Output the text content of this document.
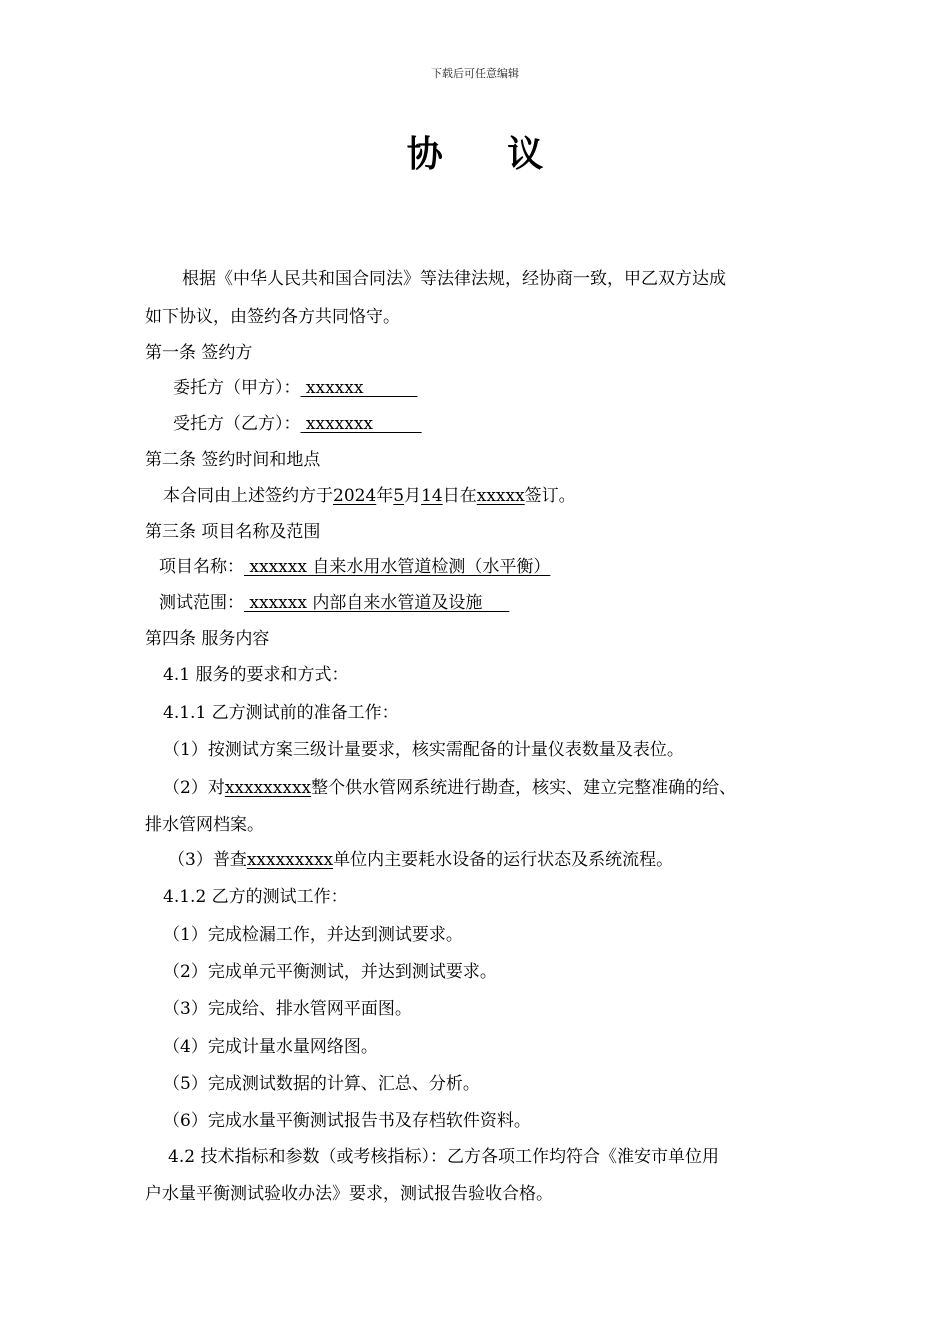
下载后可任意编辑
协 议
根据《中华人民共和国合同法》等法律法规，经协商一致，甲乙双方达成
如下协议，由签约各方共同恪守。
第一条 签约方
委托方（甲方）： xxxxxx
受托方（乙方）： xxxxxxx
第二条 签约时间和地点
本合同由上述签约方于2024年5月14日在xxxxx签订。
第三条 项目名称及范围
项目名称： xxxxxx 自来水用水管道检测（水平衡）
测试范围： xxxxxx 内部自来水管道及设施
第四条 服务内容
4.1 服务的要求和方式：
4.1.1 乙方测试前的准备工作：
（1）按测试方案三级计量要求，核实需配备的计量仪表数量及表位。
（2）对xxxxxxxxx整个供水管网系统进行勘查，核实、建立完整准确的给、
排水管网档案。
（3）普查xxxxxxxxx单位内主要耗水设备的运行状态及系统流程。
4.1.2 乙方的测试工作：
（1）完成检漏工作，并达到测试要求。
（2）完成单元平衡测试，并达到测试要求。
（3）完成给、排水管网平面图。
（4）完成计量水量网络图。
（5）完成测试数据的计算、汇总、分析。
（6）完成水量平衡测试报告书及存档软件资料。
4.2 技术指标和参数（或考核指标）：乙方各项工作均符合《淮安市单位用
户水量平衡测试验收办法》要求，测试报告验收合格。
